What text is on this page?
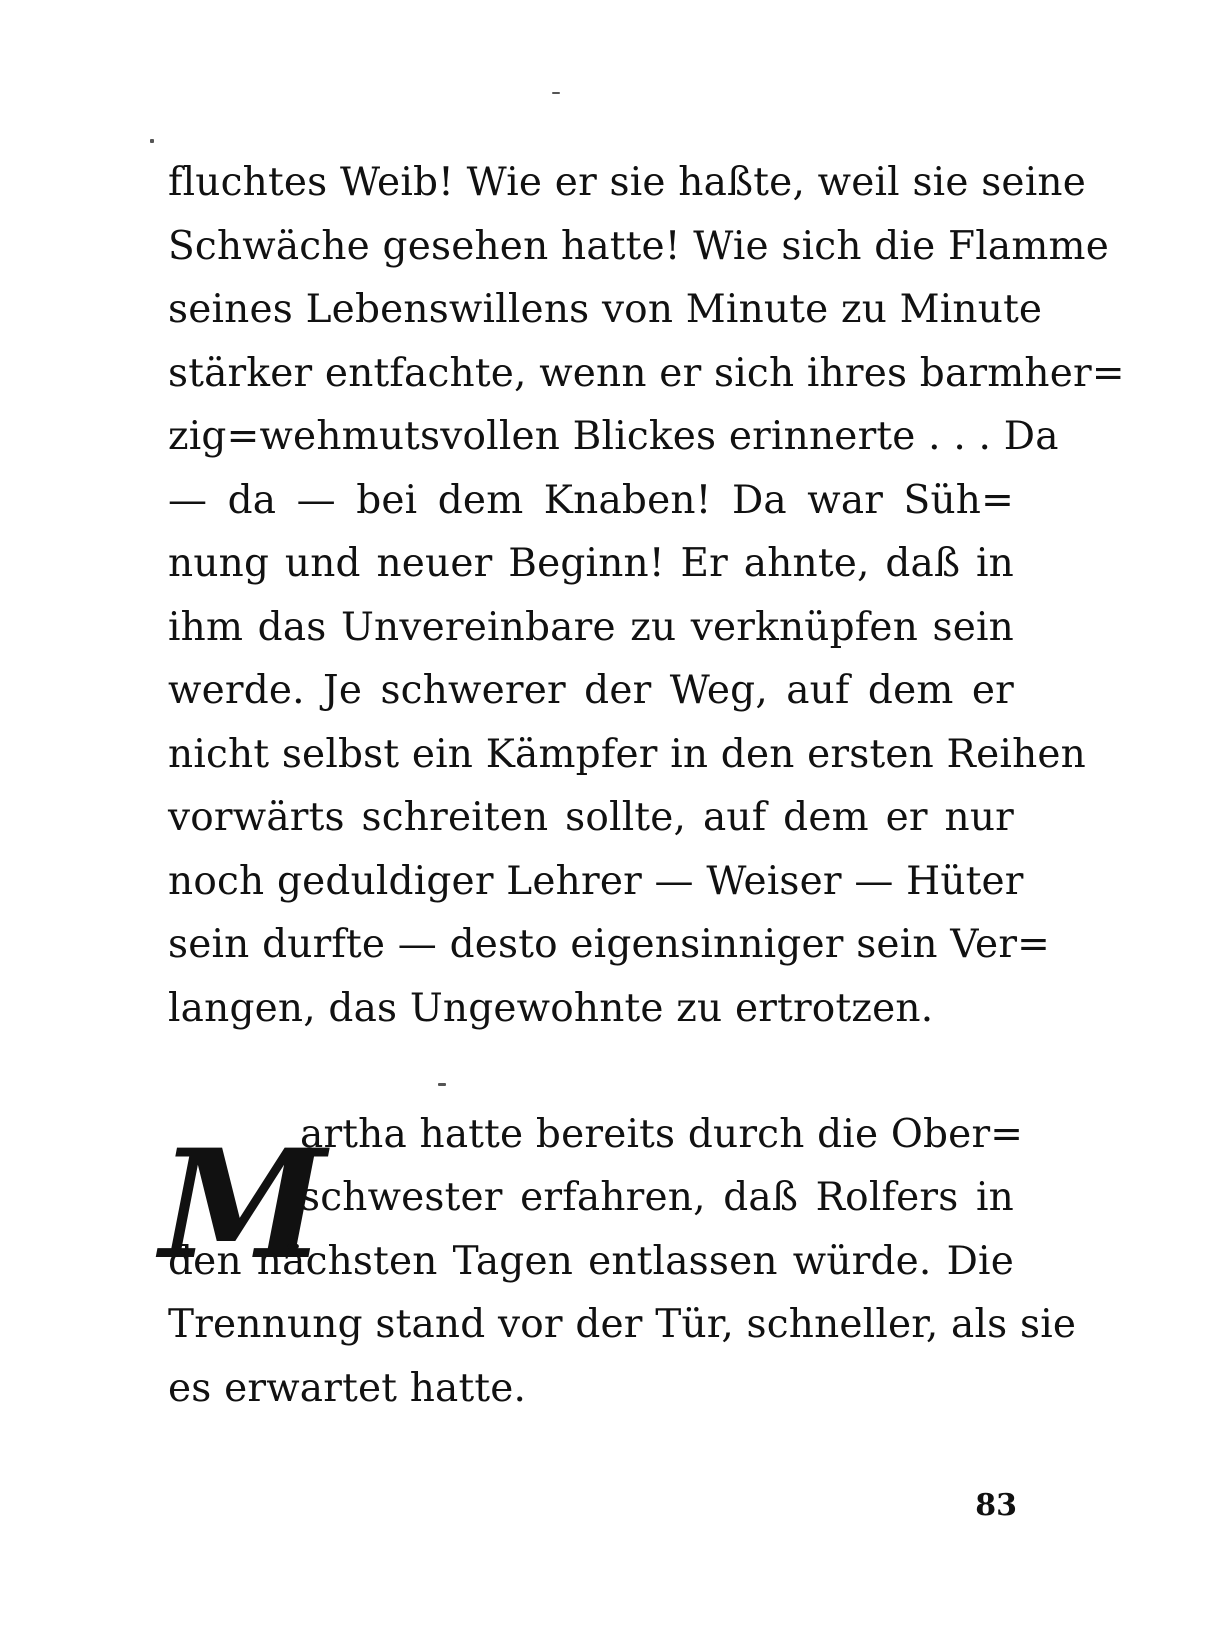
fluchtes Weib! Wie er sie haßte, weil sie seine
Schwäche gesehen hatte! Wie sich die Flamme
seines Lebenswillens von Minute zu Minute
stärker entfachte, wenn er sich ihres barmher=
zig=wehmutsvollen Blickes erinnerte . . . Da
— da — bei dem Knaben! Da war Süh=
nung und neuer Beginn! Er ahnte, daß in
ihm das Unvereinbare zu verknüpfen sein
werde. Je schwerer der Weg, auf dem er
nicht selbst ein Kämpfer in den ersten Reihen
vorwärts schreiten sollte, auf dem er nur
noch geduldiger Lehrer — Weiser — Hüter
sein durfte — desto eigensinniger sein Ver=
langen, das Ungewohnte zu ertrotzen.
M
artha hatte bereits durch die Ober=
schwester erfahren, daß Rolfers in
den nächsten Tagen entlassen würde. Die
Trennung stand vor der Tür, schneller, als sie
es erwartet hatte.
83
